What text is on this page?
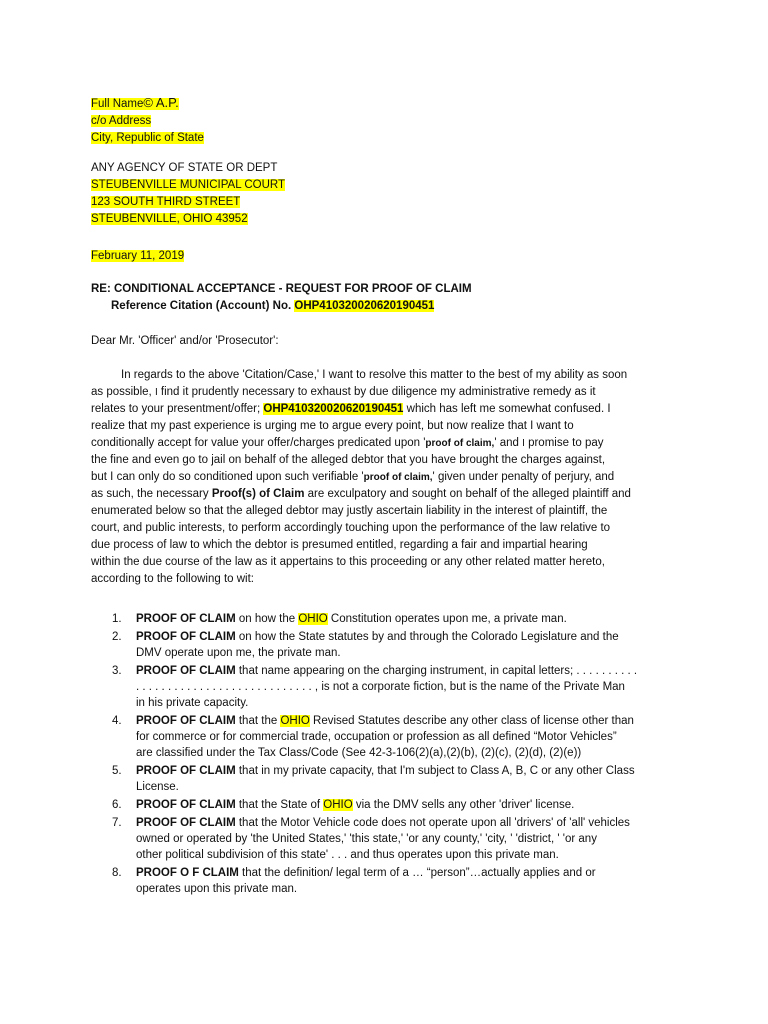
Full Name© A.P.
c/o Address
City, Republic of State
ANY AGENCY OF STATE OR DEPT
STEUBENVILLE MUNICIPAL COURT
123 SOUTH THIRD STREET
STEUBENVILLE, OHIO 43952
February 11, 2019
RE: CONDITIONAL ACCEPTANCE - REQUEST FOR PROOF OF CLAIM
Reference Citation (Account) No. OHP410320020620190451
Dear Mr. 'Officer' and/or 'Prosecutor':
In regards to the above 'Citation/Case,' I want to resolve this matter to the best of my ability as soon
as possible, I find it prudently necessary to exhaust by due diligence my administrative remedy as it
relates to your presentment/offer; OHP410320020620190451 which has left me somewhat confused. I
realize that my past experience is urging me to argue every point, but now realize that I want to
conditionally accept for value your offer/charges predicated upon 'proof of claim,' and I promise to pay
the fine and even go to jail on behalf of the alleged debtor that you have brought the charges against,
but I can only do so conditioned upon such verifiable 'proof of claim,' given under penalty of perjury, and
as such, the necessary Proof(s) of Claim are exculpatory and sought on behalf of the alleged plaintiff and
enumerated below so that the alleged debtor may justly ascertain liability in the interest of plaintiff, the
court, and public interests, to perform accordingly touching upon the performance of the law relative to
due process of law to which the debtor is presumed entitled, regarding a fair and impartial hearing
within the due course of the law as it appertains to this proceeding or any other related matter hereto,
according to the following to wit:
1. PROOF OF CLAIM on how the OHIO Constitution operates upon me, a private man.
2. PROOF OF CLAIM on how the State statutes by and through the Colorado Legislature and the
DMV operate upon me, the private man.
3. PROOF OF CLAIM that name appearing on the charging instrument, in capital letters; . . . . . . . . . .
. . . . . . . . . . . . . . . . . . . . . . . . . . . . , is not a corporate fiction, but is the name of the Private Man
in his private capacity.
4. PROOF OF CLAIM that the OHIO Revised Statutes describe any other class of license other than
for commerce or for commercial trade, occupation or profession as all defined “Motor Vehicles”
are classified under the Tax Class/Code (See 42-3-106(2)(a),(2)(b), (2)(c), (2)(d), (2)(e))
5. PROOF OF CLAIM that in my private capacity, that I'm subject to Class A, B, C or any other Class
License.
6. PROOF OF CLAIM that the State of OHIO via the DMV sells any other 'driver' license.
7. PROOF OF CLAIM that the Motor Vehicle code does not operate upon all 'drivers' of 'all' vehicles
owned or operated by 'the United States,' 'this state,' 'or any county,' 'city, ' 'district, ' 'or any
other political subdivision of this state' . . . and thus operates upon this private man.
8. PROOF O F CLAIM that the definition/ legal term of a … “person”…actually applies and or
operates upon this private man.
